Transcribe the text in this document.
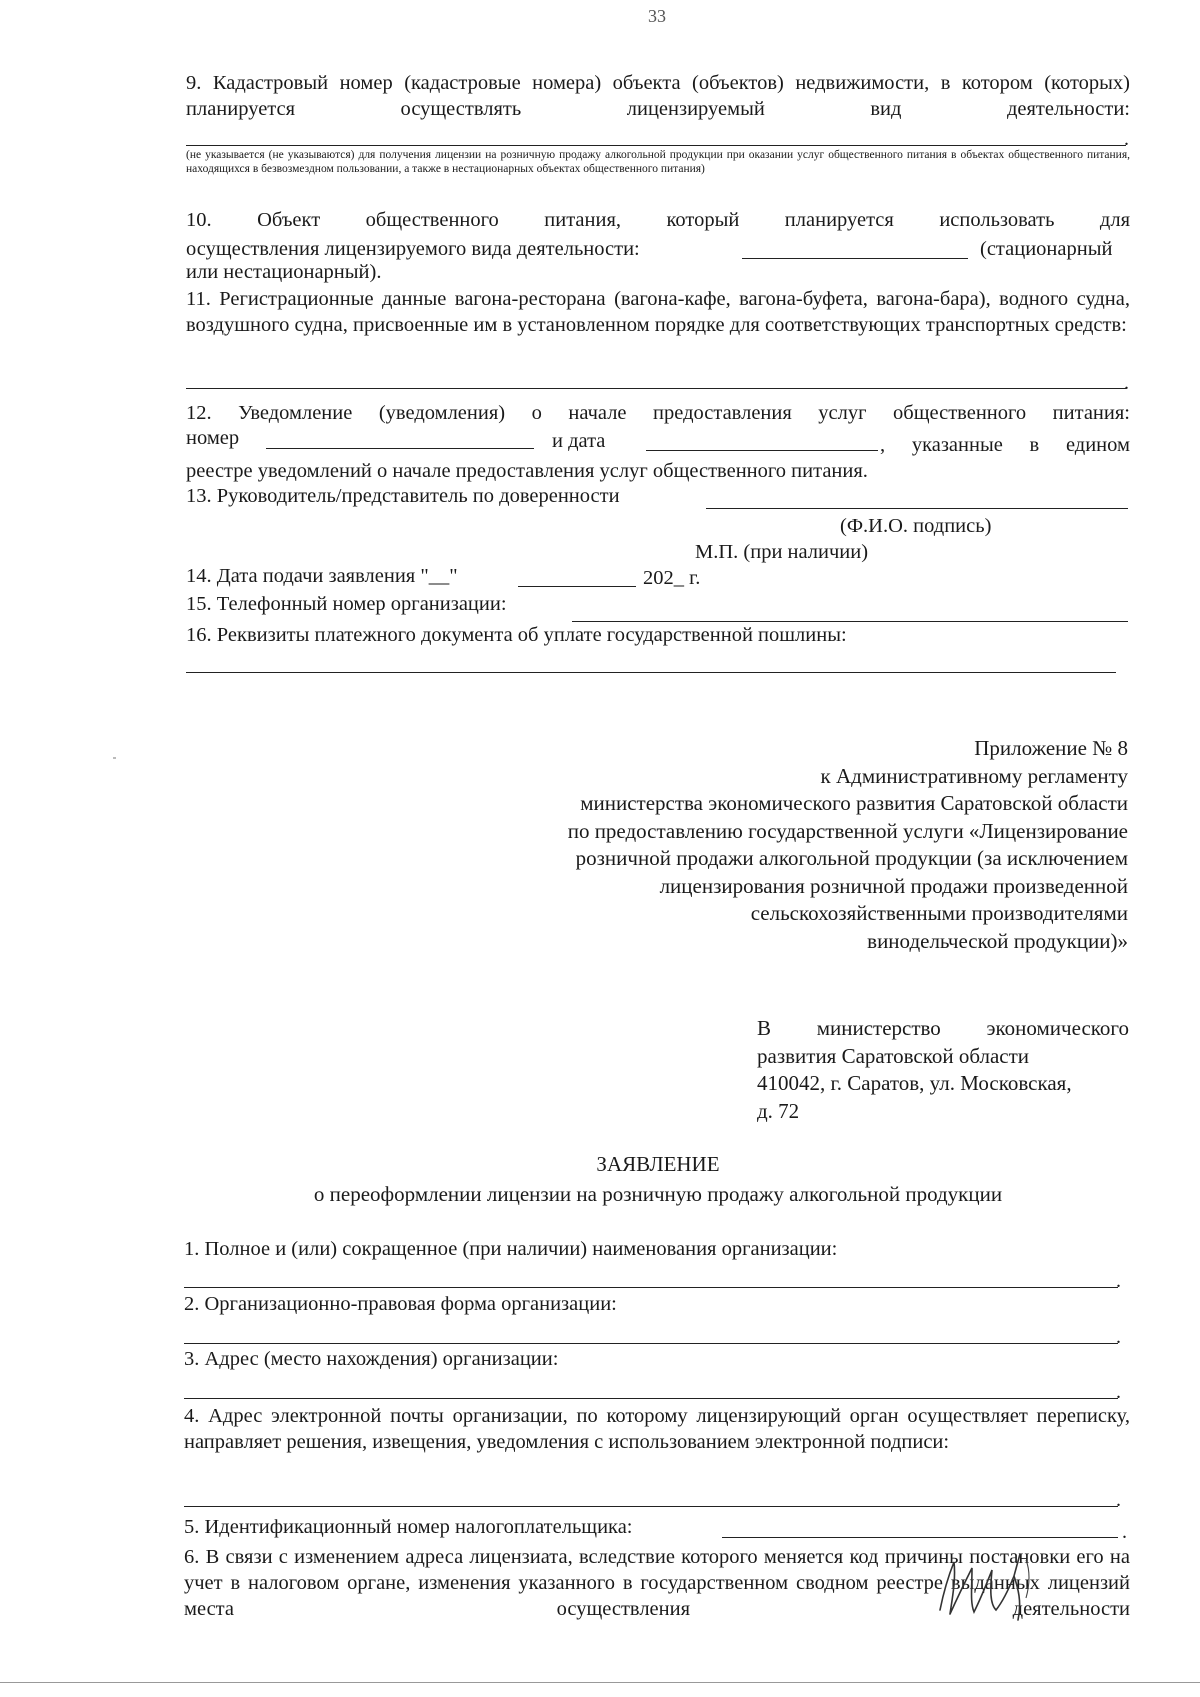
33
9. Кадастровый номер (кадастровые номера) объекта (объектов) недвижимости, в котором (которых) планируется осуществлять лицензируемый вид деятельности:
.
(не указывается (не указываются) для получения лицензии на розничную продажу алкогольной продукции при оказании услуг общественного питания в объектах общественного питания, находящихся в безвозмездном пользовании, а также в нестационарных объектах общественного питания)
10. Объект общественного питания, который планируется использовать для
осуществления лицензируемого вида деятельности:	(стационарный
или нестационарный).
11. Регистрационные данные вагона-ресторана (вагона-кафе, вагона-буфета, вагона-бара), водного судна, воздушного судна, присвоенные им в установленном порядке для соответствующих транспортных средств:
.
12. Уведомление (уведомления) о начале предоставления услуг общественного питания:
номер	и дата	, указанные в едином
реестре уведомлений о начале предоставления услуг общественного питания.
13. Руководитель/представитель по доверенности
(Ф.И.О. подпись)
М.П. (при наличии)
14. Дата подачи заявления "__"	202_ г.
15. Телефонный номер организации:
16. Реквизиты платежного документа об уплате государственной пошлины:
Приложение № 8
к Административному регламенту
министерства экономического развития Саратовской области
по предоставлению государственной услуги «Лицензирование
розничной продажи алкогольной продукции (за исключением
лицензирования розничной продажи произведенной
сельскохозяйственными производителями
винодельческой продукции)»
В министерство экономического
развития Саратовской области
410042, г. Саратов, ул. Московская,
д. 72
ЗАЯВЛЕНИЕ
о переоформлении лицензии на розничную продажу алкогольной продукции
1. Полное и (или) сокращенное (при наличии) наименования организации:
.
2. Организационно-правовая форма организации:
.
3. Адрес (место нахождения) организации:
.
4. Адрес электронной почты организации, по которому лицензирующий орган осуществляет переписку, направляет решения, извещения, уведомления с использованием электронной подписи:
.
5. Идентификационный номер налогоплательщика:	.
6. В связи с изменением адреса лицензиата, вследствие которого меняется код причины постановки его на учет в налоговом органе, изменения указанного в государственном сводном реестре выданных лицензий места осуществления деятельности
